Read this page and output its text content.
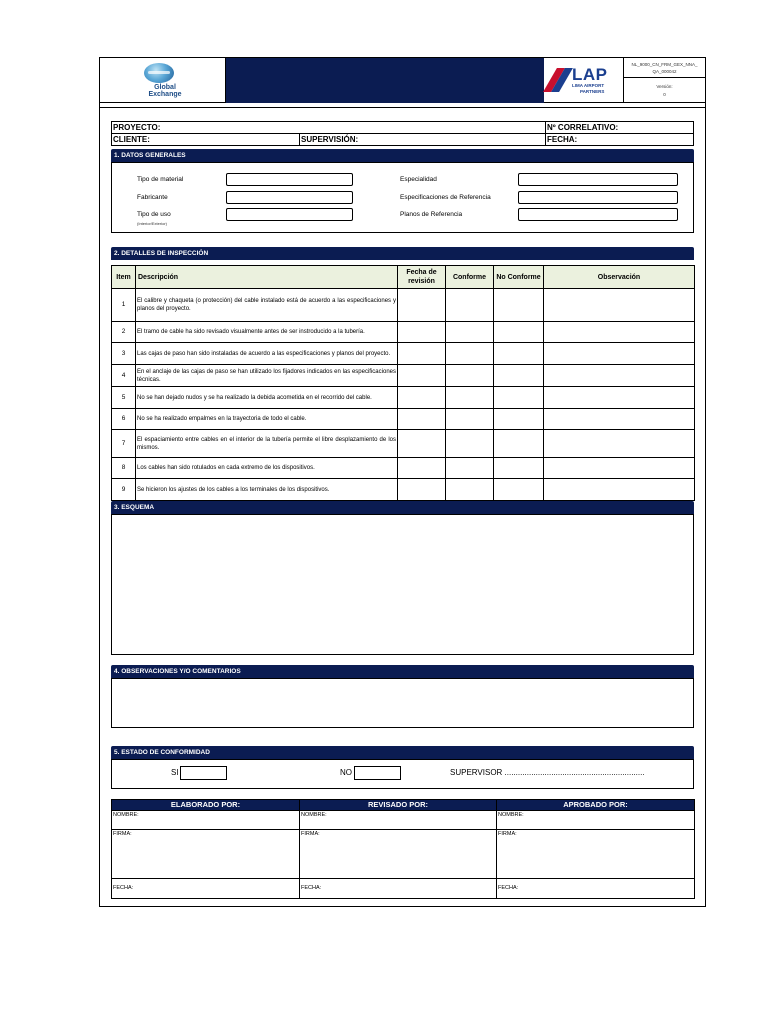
Global
Exchange
LAP
LIMA AIRPORT
PARTNERS
NL_9000_CN_FRM_GEX_NNA_
QA_000042
Versión:
0
PROYECTO:	Nº CORRELATIVO:
CLIENTE:	SUPERVISIÓN:	FECHA:
1. DATOS GENERALES
Tipo de material
Fabricante
Tipo de uso
(Interior/Exterior)
Especialidad
Especificaciones de Referencia
Planos de Referencia
2. DETALLES DE INSPECCIÓN
Item	Descripción	Fecha de revisión	Conforme	No Conforme	Observación
1	El calibre y chaqueta (o protección) del cable instalado está de acuerdo a las especificaciones y planos del proyecto.				
2	El tramo de cable ha sido revisado visualmente antes de ser instroducido a la tubería.				
3	Las cajas de paso han sido instaladas de acuerdo a las especificaciones y planos del proyecto.				
4	En el anclaje de las cajas de paso se han utilizado los fijadores indicados en las especificaciones técnicas.				
5	No se han dejado nudos y se ha realizado la debida acometida en el recorrido del cable.				
6	No se ha realizado empalmes en la trayectoria de todo el cable.				
7	El espaciamiento entre cables en el interior de la tubería permite el libre desplazamiento de los mismos.				
8	Los cables han sido rotulados en cada extremo de los dispositivos.				
9	Se hicieron los ajustes de los cables a los terminales de los dispositivos.				
3. ESQUEMA
4. OBSERVACIONES Y/O COMENTARIOS
5. ESTADO DE CONFORMIDAD
SI	NO	SUPERVISOR ...............................................................
ELABORADO POR:	REVISADO POR:	APROBADO POR:
NOMBRE:	NOMBRE:	NOMBRE:
FIRMA:	FIRMA:	FIRMA:
FECHA:	FECHA:	FECHA:
